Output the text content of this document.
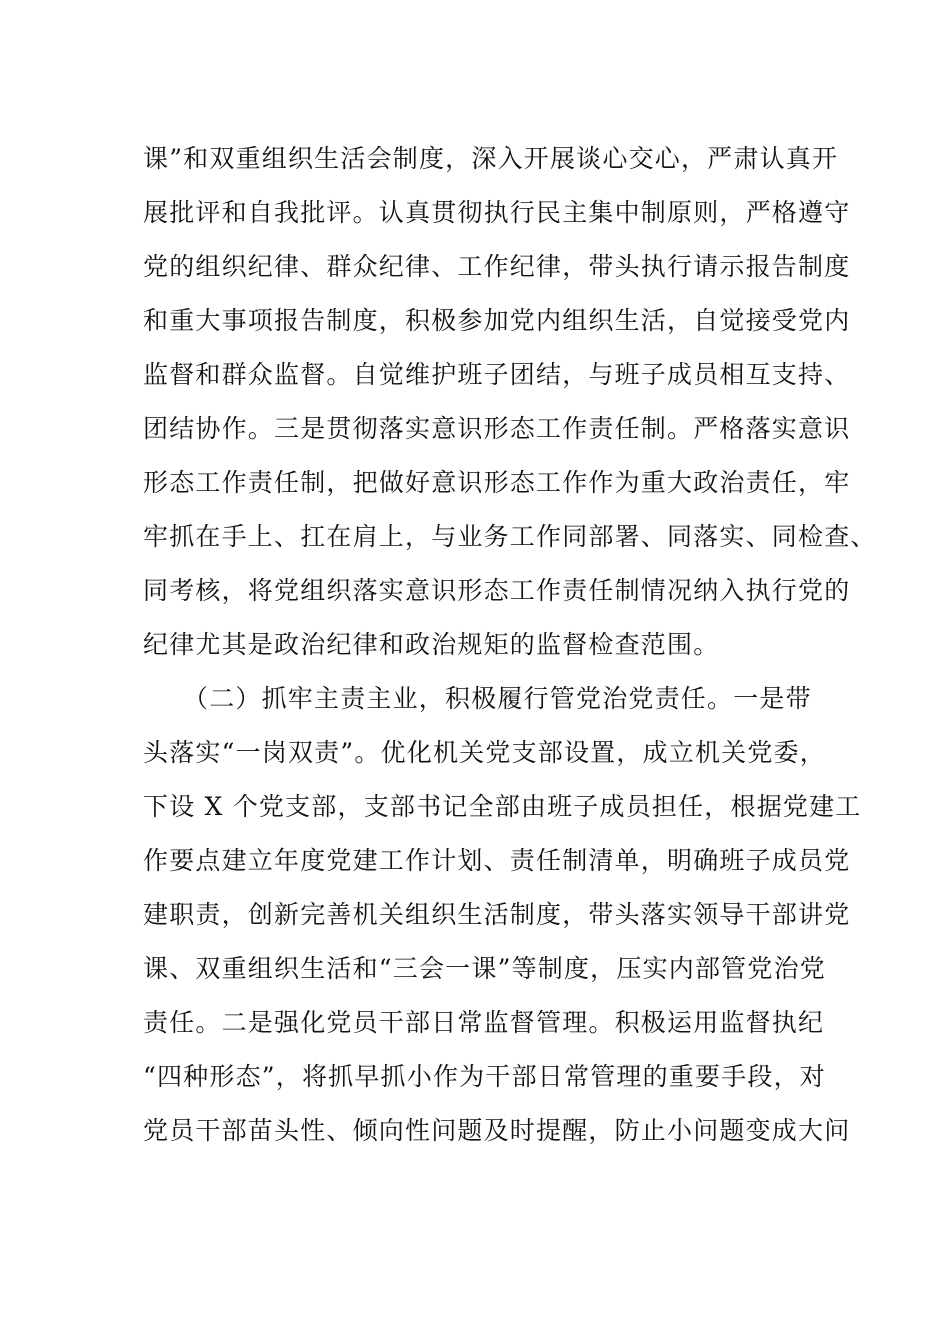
课”和双重组织生活会制度，深入开展谈心交心，严肃认真开
展批评和自我批评。认真贯彻执行民主集中制原则，严格遵守
党的组织纪律、群众纪律、工作纪律，带头执行请示报告制度
和重大事项报告制度，积极参加党内组织生活，自觉接受党内
监督和群众监督。自觉维护班子团结，与班子成员相互支持、
团结协作。三是贯彻落实意识形态工作责任制。严格落实意识
形态工作责任制，把做好意识形态工作作为重大政治责任，牢
牢抓在手上、扛在肩上，与业务工作同部署、同落实、同检查、
同考核，将党组织落实意识形态工作责任制情况纳入执行党的
纪律尤其是政治纪律和政治规矩的监督检查范围。
（二）抓牢主责主业，积极履行管党治党责任。一是带
头落实“一岗双责”。优化机关党支部设置，成立机关党委，
下设 X 个党支部，支部书记全部由班子成员担任，根据党建工
作要点建立年度党建工作计划、责任制清单，明确班子成员党
建职责，创新完善机关组织生活制度，带头落实领导干部讲党
课、双重组织生活和“三会一课”等制度，压实内部管党治党
责任。二是强化党员干部日常监督管理。积极运用监督执纪
“四种形态”，将抓早抓小作为干部日常管理的重要手段，对
党员干部苗头性、倾向性问题及时提醒，防止小问题变成大问
